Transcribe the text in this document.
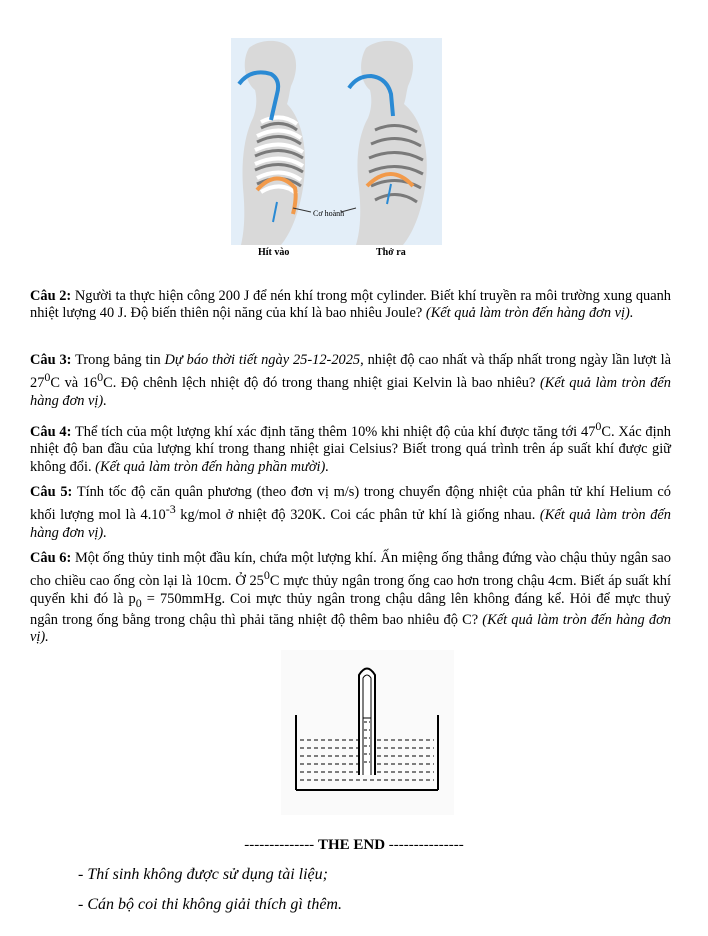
Cơ hoành
Hít vào	Thở ra

Câu 2: Người ta thực hiện công 200 J để nén khí trong một cylinder. Biết khí truyền ra môi trường xung quanh nhiệt lượng 40 J. Độ biến thiên nội năng của khí là bao nhiêu Joule? (Kết quả làm tròn đến hàng đơn vị).

Câu 3: Trong bảng tin Dự báo thời tiết ngày 25-12-2025, nhiệt độ cao nhất và thấp nhất trong ngày lần lượt là $27^0C$ và $16^0C$. Độ chênh lệch nhiệt độ đó trong thang nhiệt giai Kelvin là bao nhiêu? (Kết quả làm tròn đến hàng đơn vị).

Câu 4: Thể tích của một lượng khí xác định tăng thêm 10% khi nhiệt độ của khí được tăng tới $47^0C$. Xác định nhiệt độ ban đầu của lượng khí trong thang nhiệt giai Celsius? Biết trong quá trình trên áp suất khí được giữ không đổi. (Kết quả làm tròn đến hàng phần mười).

Câu 5: Tính tốc độ căn quân phương (theo đơn vị m/s) trong chuyển động nhiệt của phân tử khí Helium có khối lượng mol là $4.10^{-3}$ kg/mol ở nhiệt độ 320K. Coi các phân tử khí là giống nhau. (Kết quả làm tròn đến hàng đơn vị).

Câu 6: Một ống thủy tinh một đầu kín, chứa một lượng khí. Ấn miệng ống thẳng đứng vào chậu thủy ngân sao cho chiều cao ống còn lại là 10cm. Ở $25^0C$ mực thủy ngân trong ống cao hơn trong chậu 4cm. Biết áp suất khí quyển khi đó là $p_0$ = 750mmHg. Coi mực thủy ngân trong chậu dâng lên không đáng kể. Hỏi để mực thuỷ ngân trong ống bằng trong chậu thì phải tăng nhiệt độ thêm bao nhiêu độ C? (Kết quả làm tròn đến hàng đơn vị).

-------------- THE END ---------------
- Thí sinh không được sử dụng tài liệu;
- Cán bộ coi thi không giải thích gì thêm.
